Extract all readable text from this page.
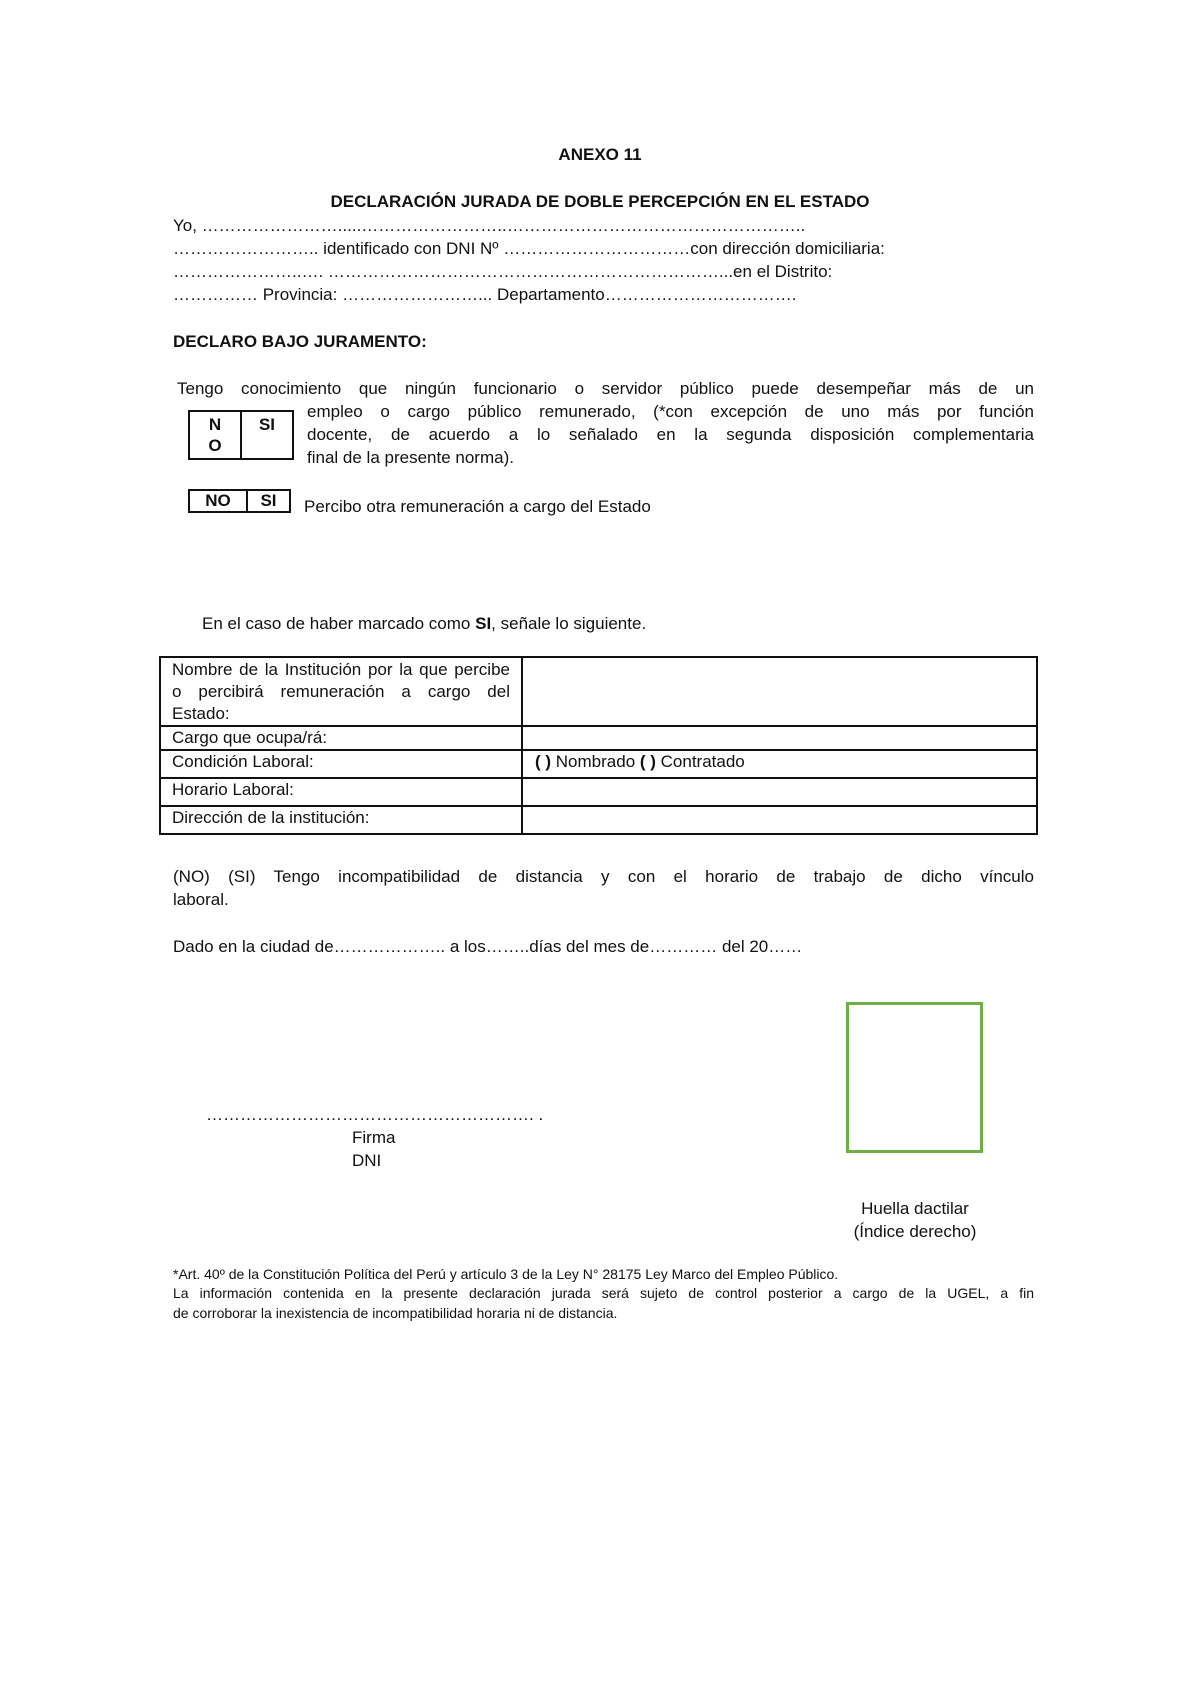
ANEXO 11
DECLARACIÓN JURADA DE DOBLE PERCEPCIÓN EN EL ESTADO
Yo, …………………….....……………………..……………………………………………..
…………………….. identificado con DNI Nº ……………………………con dirección domiciliaria:
…………………..…. ……………………………………………………………...en el Distrito:
…………… Provincia: ……………………... Departamento…………………………….
DECLARO BAJO JURAMENTO:
Tengo conocimiento que ningún funcionario o servidor público puede desempeñar más de un
empleo o cargo público remunerado, (*con excepción de uno más por función
docente, de acuerdo a lo señalado en la segunda disposición complementaria
final de la presente norma).
N
O
SI
NO	SI	Percibo otra remuneración a cargo del Estado
En el caso de haber marcado como SI, señale lo siguiente.
Nombre de la Institución por la que percibe o percibirá remuneración a cargo del Estado:	
Cargo que ocupa/rá:	
Condición Laboral:	( ) Nombrado ( ) Contratado
Horario Laboral:	
Dirección de la institución:	
(NO) (SI) Tengo incompatibilidad de distancia y con el horario de trabajo de dicho vínculo
laboral.
Dado en la ciudad de……………….. a los……..días del mes de………… del 20……
…………………………………………………. .
Firma
DNI
Huella dactilar
(Índice derecho)
*Art. 40º de la Constitución Política del Perú y artículo 3 de la Ley N° 28175 Ley Marco del Empleo Público.
La información contenida en la presente declaración jurada será sujeto de control posterior a cargo de la UGEL, a fin
de corroborar la inexistencia de incompatibilidad horaria ni de distancia.
